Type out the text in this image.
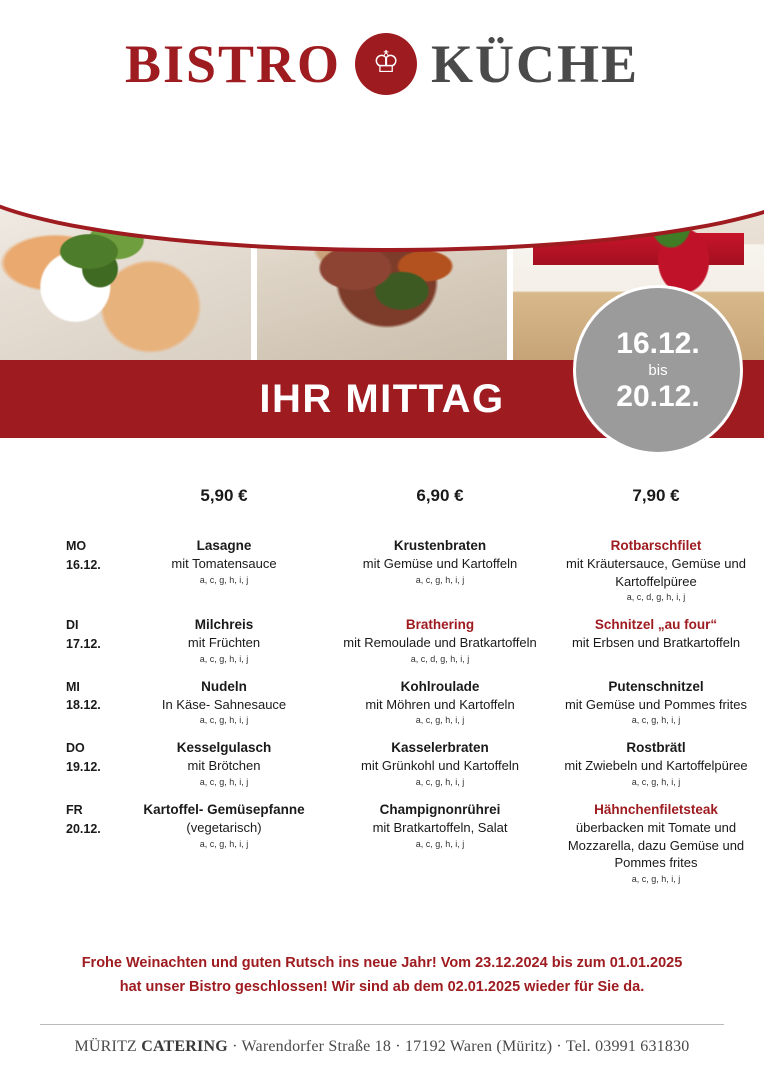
BISTRO ♔ KÜCHE
16.12.
bis
20.12.
IHR MITTAG
5,90 €	6,90 €	7,90 €
MO
16.12.
Lasagne
mit Tomatensauce
a, c, g, h, i, j
Krustenbraten
mit Gemüse und Kartoffeln
a, c, g, h, i, j
Rotbarschfilet
mit Kräutersauce, Gemüse und Kartoffelpüree
a, c, d, g, h, i, j
DI
17.12.
Milchreis
mit Früchten
a, c, g, h, i, j
Brathering
mit Remoulade und Bratkartoffeln
a, c, d, g, h, i, j
Schnitzel „au four“
mit Erbsen und Bratkartoffeln
MI
18.12.
Nudeln
In Käse- Sahnesauce
a, c, g, h, i, j
Kohlroulade
mit Möhren und Kartoffeln
a, c, g, h, i, j
Putenschnitzel
mit Gemüse und Pommes frites
a, c, g, h, i, j
DO
19.12.
Kesselgulasch
mit Brötchen
a, c, g, h, i, j
Kasselerbraten
mit Grünkohl und Kartoffeln
a, c, g, h, i, j
Rostbrätl
mit Zwiebeln und Kartoffelpüree
a, c, g, h, i, j
FR
20.12.
Kartoffel- Gemüsepfanne
(vegetarisch)
a, c, g, h, i, j
Champignonrührei
mit Bratkartoffeln, Salat
a, c, g, h, i, j
Hähnchenfiletsteak
überbacken mit Tomate und Mozzarella, dazu Gemüse und Pommes frites
a, c, g, h, i, j
Frohe Weinachten und guten Rutsch ins neue Jahr! Vom 23.12.2024 bis zum 01.01.2025
hat unser Bistro geschlossen! Wir sind ab dem 02.01.2025 wieder für Sie da.
MÜRITZ CATERING · Warendorfer Straße 18 · 17192 Waren (Müritz) · Tel. 03991 631830
